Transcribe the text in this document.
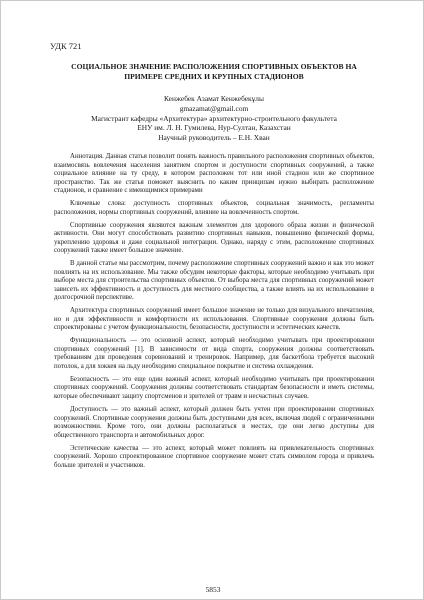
УДК 721
СОЦИАЛЬНОЕ ЗНАЧЕНИЕ РАСПОЛОЖЕНИЯ СПОРТИВНЫХ ОБЪЕКТОВ НА
ПРИМЕРЕ СРЕДНИХ И КРУПНЫХ СТАДИОНОВ
Кенжебек Азамат Кенжебекұлы
gmazamat@gmail.com
Магистрант кафедры «Архитектура» архитектурно-строительного факультета
ЕНУ им. Л. Н. Гумилева, Нур-Султан, Казахстан
Научный руководитель – Е.Н. Хван

Аннотация. Данная статья позволит понять важность правильного расположения спортивных объектов, взаимосвязь вовлечения населения занятием спортом и доступности спортивных сооружений, а также социальное влияние на ту среду, в котором расположен тот или иной стадион или же спортивное пространство. Так же статья поможет выяснить по каким принципам нужно выбирать расположение стадионов, и сравнение с имеющимися примерами

Ключевые слова: доступность спортивных объектов, социальная значимость, регламенты расположения, нормы спортивных сооружений, влияние на вовлеченность спортом.

Спортивные сооружения являются важным элементом для здорового образа жизни и физической активности. Они могут способствовать развитию спортивных навыков, повышению физической формы, укреплению здоровья и даже социальной интеграции. Однако, наряду с этим, расположение спортивных сооружений также имеет большое значение.

В данной статье мы рассмотрим, почему расположение спортивных сооружений важно и как это может повлиять на их использование. Мы также обсудим некоторые факторы, которые необходимо учитывать при выборе места для строительства спортивных объектов. От выбора места для спортивных сооружений может зависеть их эффективность и доступность для местного сообщества, а также влиять на их использование в долгосрочной перспективе.

Архитектура спортивных сооружений имеет большое значение не только для визуального впечатления, но и для эффективности и комфортности их использования. Спортивные сооружения должны быть спроектированы с учетом функциональности, безопасности, доступности и эстетических качеств.

Функциональность — это основной аспект, который необходимо учитывать при проектировании спортивных сооружений [1]. В зависимости от вида спорта, сооружения должны соответствовать требованиям для проведения соревнований и тренировок. Например, для баскетбола требуется высокий потолок, а для хоккея на льду необходимо специальное покрытие и система охлаждения.

Безопасность — это еще один важный аспект, который необходимо учитывать при проектировании спортивных сооружений. Сооружения должны соответствовать стандартам безопасности и иметь системы, которые обеспечивают защиту спортсменов и зрителей от травм и несчастных случаев.

Доступность — это важный аспект, который должен быть учтен при проектировании спортивных сооружений. Спортивные сооружения должны быть доступными для всех, включая людей с ограниченными возможностями. Кроме того, они должны располагаться в местах, где они легко доступны для общественного транспорта и автомобильных дорог.

Эстетические качества — это аспект, который может повлиять на привлекательность спортивных сооружений. Хорошо спроектированное спортивное сооружение может стать символом города и привлечь больше зрителей и участников.

5853
